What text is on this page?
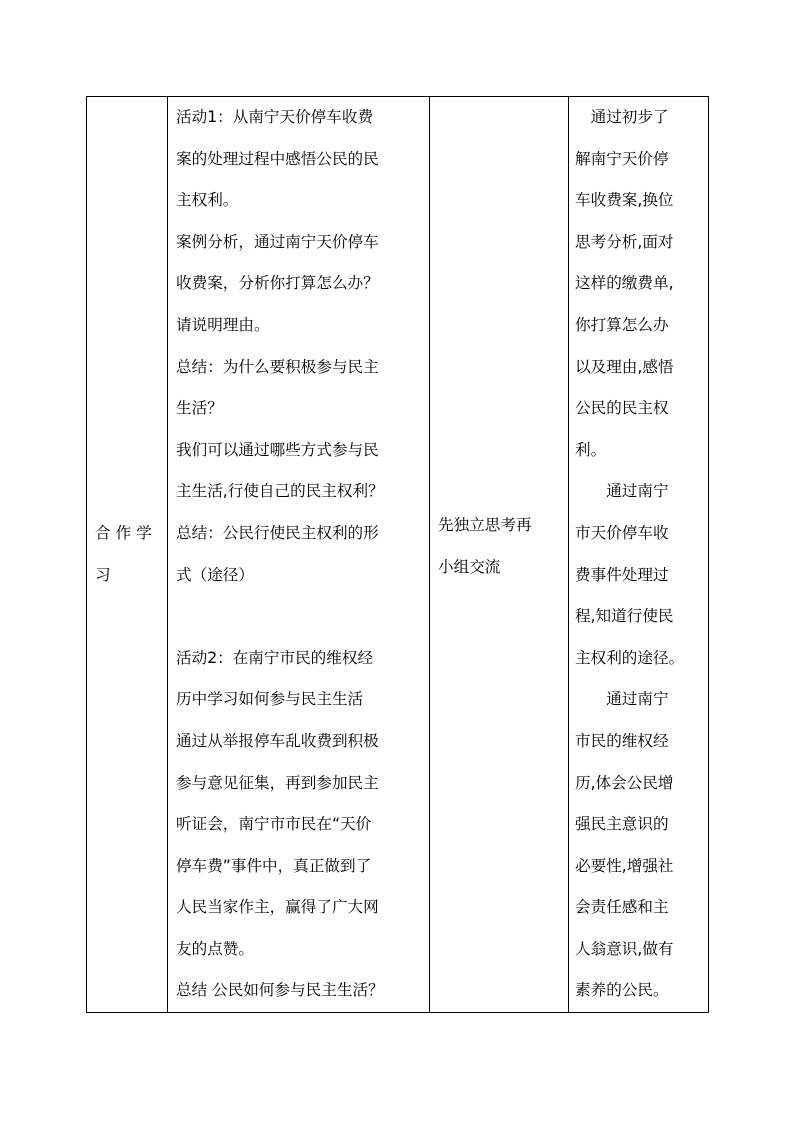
合作学习

活动1：从南宁天价停车收费
案的处理过程中感悟公民的民
主权利。
案例分析，通过南宁天价停车
收费案，分析你打算怎么办？
请说明理由。
总结：为什么要积极参与民主
生活？
我们可以通过哪些方式参与民
主生活,行使自己的民主权利？
总结：公民行使民主权利的形
式（途径）

活动2：在南宁市民的维权经
历中学习如何参与民主生活
通过从举报停车乱收费到积极
参与意见征集，再到参加民主
听证会，南宁市市民在“天价
停车费”事件中，真正做到了
人民当家作主，赢得了广大网
友的点赞。
总结 公民如何参与民主生活？

先独立思考再
小组交流

　通过初步了
解南宁天价停
车收费案,换位
思考分析,面对
这样的缴费单,
你打算怎么办
以及理由,感悟
公民的民主权
利。
　　通过南宁
市天价停车收
费事件处理过
程,知道行使民
主权利的途径。
　　通过南宁
市民的维权经
历,体会公民增
强民主意识的
必要性,增强社
会责任感和主
人翁意识,做有
素养的公民。
